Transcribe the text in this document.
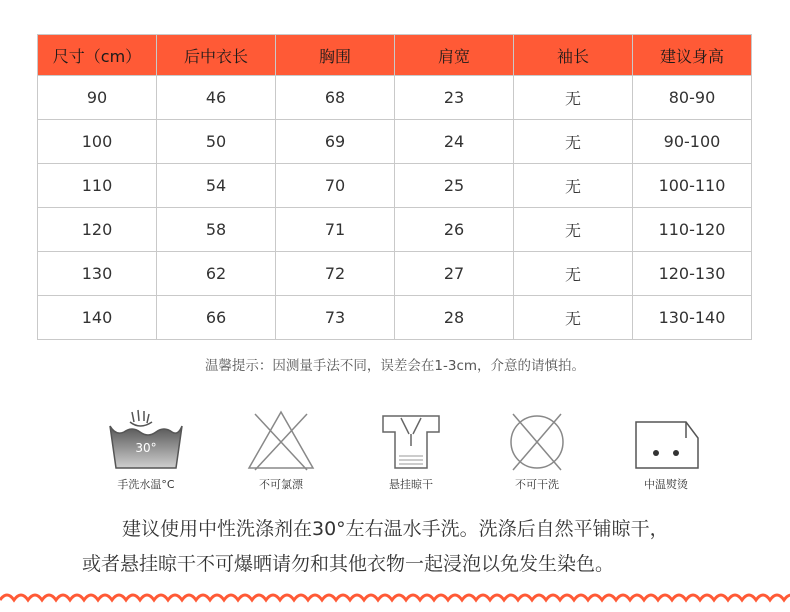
尺寸（cm）	后中衣长	胸围	肩宽	袖长	建议身高
90	46	68	23	无	80-90
100	50	69	24	无	90-100
110	54	70	25	无	100-110
120	58	71	26	无	110-120
130	62	72	27	无	120-130
140	66	73	28	无	130-140
温馨提示：因测量手法不同，误差会在1-3cm，介意的请慎拍。
30°
手洗水温°C	不可氯漂	悬挂晾干	不可干洗	中温熨烫
建议使用中性洗涤剂在30°左右温水手洗。洗涤后自然平铺晾干，
或者悬挂晾干不可爆晒请勿和其他衣物一起浸泡以免发生染色。
